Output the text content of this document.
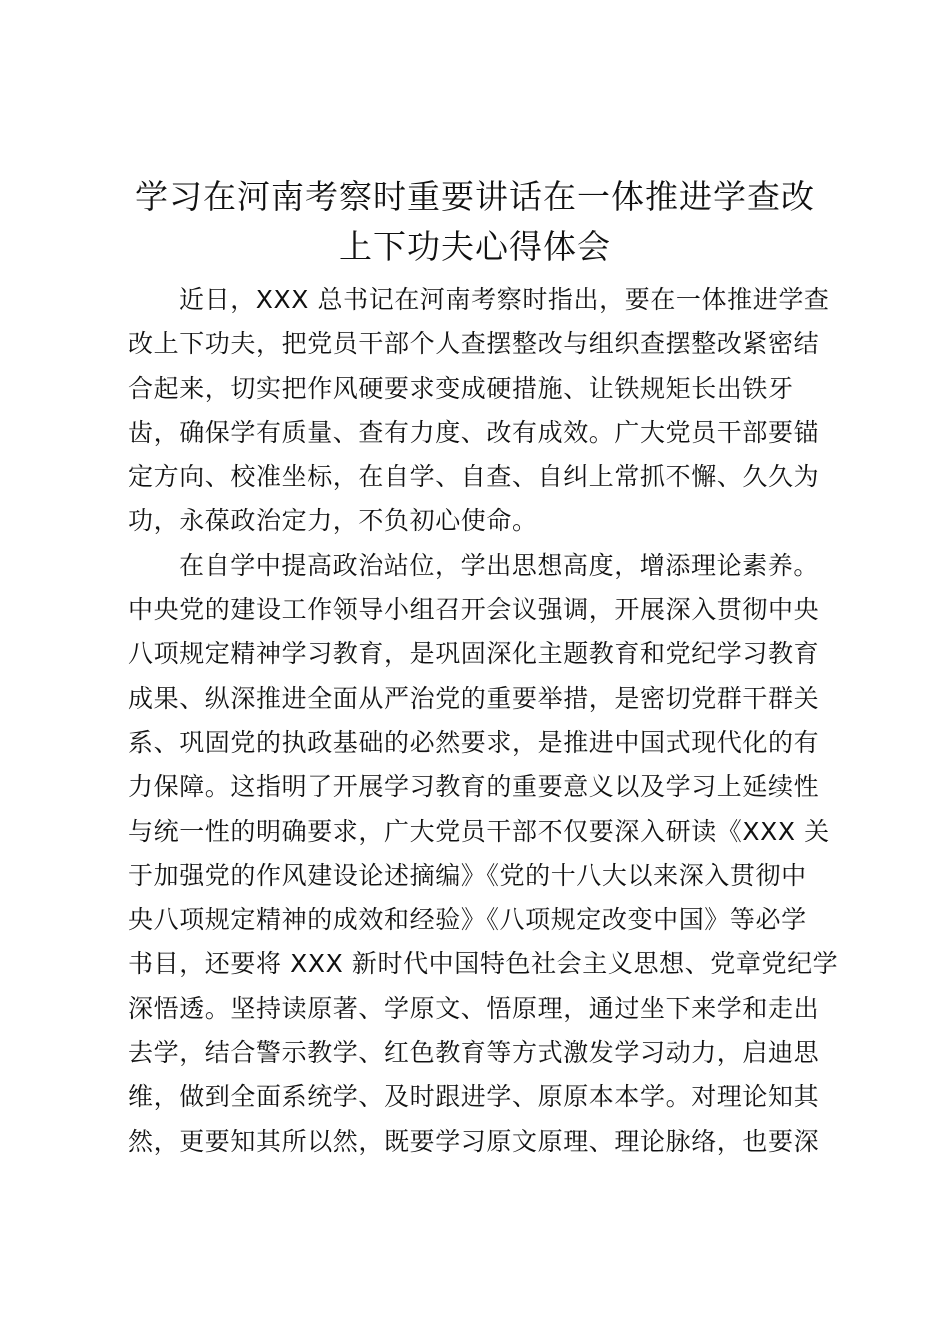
学习在河南考察时重要讲话在一体推进学查改
上下功夫心得体会
近日，XXX 总书记在河南考察时指出，要在一体推进学查
改上下功夫，把党员干部个人查摆整改与组织查摆整改紧密结
合起来，切实把作风硬要求变成硬措施、让铁规矩长出铁牙
齿，确保学有质量、查有力度、改有成效。广大党员干部要锚
定方向、校准坐标，在自学、自查、自纠上常抓不懈、久久为
功，永葆政治定力，不负初心使命。
在自学中提高政治站位，学出思想高度，增添理论素养。
中央党的建设工作领导小组召开会议强调，开展深入贯彻中央
八项规定精神学习教育，是巩固深化主题教育和党纪学习教育
成果、纵深推进全面从严治党的重要举措，是密切党群干群关
系、巩固党的执政基础的必然要求，是推进中国式现代化的有
力保障。这指明了开展学习教育的重要意义以及学习上延续性
与统一性的明确要求，广大党员干部不仅要深入研读《XXX 关
于加强党的作风建设论述摘编》《党的十八大以来深入贯彻中
央八项规定精神的成效和经验》《八项规定改变中国》等必学
书目，还要将 XXX 新时代中国特色社会主义思想、党章党纪学
深悟透。坚持读原著、学原文、悟原理，通过坐下来学和走出
去学，结合警示教学、红色教育等方式激发学习动力，启迪思
维，做到全面系统学、及时跟进学、原原本本学。对理论知其
然，更要知其所以然，既要学习原文原理、理论脉络，也要深
